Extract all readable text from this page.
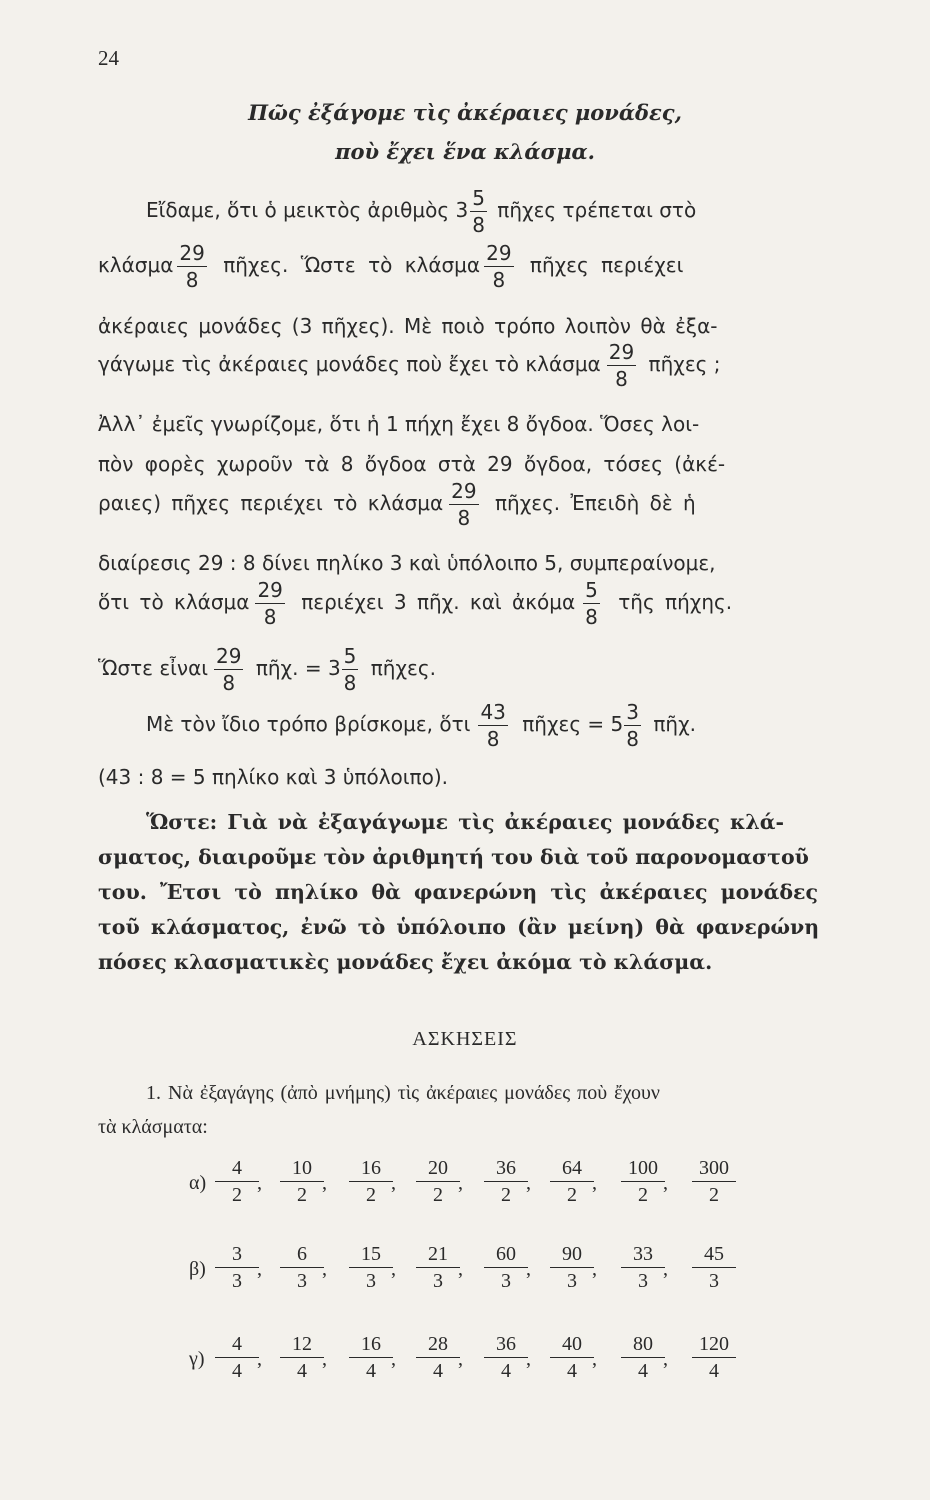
24
Πῶς ἐξάγομε τὶς ἀκέραιες μονάδες,
ποὺ ἔχει ἕνα κλάσμα.
Εἴδαμε, ὅτι ὁ μεικτὸς ἀριθμὸς $3 \frac{5}{8}$ πῆχες τρέπεται στὸ
κλάσμα $\frac{29}{8}$ πῆχες. Ὥστε τὸ κλάσμα $\frac{29}{8}$ πῆχες περιέχει
ἀκέραιες μονάδες (3 πῆχες). Μὲ ποιὸ τρόπο λοιπὸν θὰ ἐξα-
γάγωμε τὶς ἀκέραιες μονάδες ποὺ ἔχει τὸ κλάσμα $\frac{29}{8}$ πῆχες ;
Ἀλλ᾽ ἐμεῖς γνωρίζομε, ὅτι ἡ 1 πήχη ἔχει 8 ὄγδοα. Ὅσες λοι-
πὸν φορὲς χωροῦν τὰ 8 ὄγδοα στὰ 29 ὄγδοα, τόσες (ἀκέ-
ραιες) πῆχες περιέχει τὸ κλάσμα $\frac{29}{8}$ πῆχες. Ἐπειδὴ δὲ ἡ
διαίρεσις 29 : 8 δίνει πηλίκο 3 καὶ ὑπόλοιπο 5, συμπεραίνομε,
ὅτι τὸ κλάσμα $\frac{29}{8}$ περιέχει 3 πῆχ. καὶ ἀκόμα $\frac{5}{8}$ τῆς πήχης.
Ὥστε εἶναι $\frac{29}{8}$ πῆχ. = $3 \frac{5}{8}$ πῆχες.
Μὲ τὸν ἴδιο τρόπο βρίσκομε, ὅτι $\frac{43}{8}$ πῆχες = $5 \frac{3}{8}$ πῆχ.
(43 : 8 = 5 πηλίκο καὶ 3 ὑπόλοιπο).
Ὥστε: Γιὰ νὰ ἐξαγάγωμε τὶς ἀκέραιες μονάδες κλά-
σματος, διαιροῦμε τὸν ἀριθμητή του διὰ τοῦ παρονομαστοῦ
του. Ἔτσι τὸ πηλίκο θὰ φανερώνη τὶς ἀκέραιες μονάδες
τοῦ κλάσματος, ἐνῶ τὸ ὑπόλοιπο (ἂν μείνη) θὰ φανερώνη
πόσες κλασματικὲς μονάδες ἔχει ἀκόμα τὸ κλάσμα.
ΑΣΚΗΣΕΙΣ
1. Νὰ ἐξαγάγης (ἀπὸ μνήμης) τὶς ἀκέραιες μονάδες ποὺ ἔχουν
τὰ κλάσματα:
$\alpha) \frac{4}{2}$
, $\frac{10}{2}$
, $\frac{16}{2}$
, $\frac{20}{2}$
, $\frac{36}{2}$
, $\frac{64}{2}$
, $\frac{100}{2}$
, $\frac{300}{2}$
$\beta) \frac{3}{3}$
, $\frac{6}{3}$
, $\frac{15}{3}$
, $\frac{21}{3}$
, $\frac{60}{3}$
, $\frac{90}{3}$
, $\frac{33}{3}$
, $\frac{45}{3}$
$\gamma) \frac{4}{4}$
, $\frac{12}{4}$
, $\frac{16}{4}$
, $\frac{28}{4}$
, $\frac{36}{4}$
, $\frac{40}{4}$
, $\frac{80}{4}$
, $\frac{120}{4}$
